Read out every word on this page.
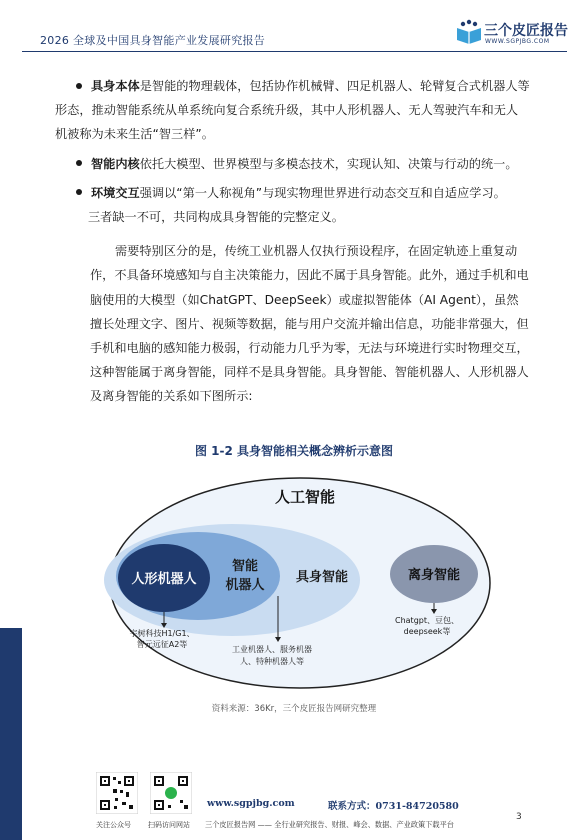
2026 全球及中国具身智能产业发展研究报告
三个皮匠报告
WWW.SGPJBG.COM

具身本体是智能的物理载体，包括协作机械臂、四足机器人、轮臂复合式机器人等形态，推动智能系统从单系统向复合系统升级，其中人形机器人、无人驾驶汽车和无人机被称为未来生活“智三样”。

智能内核依托大模型、世界模型与多模态技术，实现认知、决策与行动的统一。

环境交互强调以“第一人称视角”与现实物理世界进行动态交互和自适应学习。

三者缺一不可，共同构成具身智能的完整定义。

需要特别区分的是，传统工业机器人仅执行预设程序，在固定轨迹上重复动作，不具备环境感知与自主决策能力，因此不属于具身智能。此外，通过手机和电脑使用的大模型（如ChatGPT、DeepSeek）或虚拟智能体（AI Agent），虽然擅长处理文字、图片、视频等数据，能与用户交流并输出信息，功能非常强大，但手机和电脑的感知能力极弱，行动能力几乎为零，无法与环境进行实时物理交互，这种智能属于离身智能，同样不是具身智能。具身智能、智能机器人、人形机器人及离身智能的关系如下图所示:

图 1-2 具身智能相关概念辨析示意图
人工智能
具身智能
智能
机器人
人形机器人	离身智能
宇树科技H1/G1、
智元远征A2等
工业机器人、服务机器
人、特种机器人等
Chatgpt、豆包、
deepseek等
资料来源：36Kr，三个皮匠报告网研究整理
关注公众号 扫码访问网站
www.sgpjbg.com	联系方式：0731-84720580
三个皮匠报告网 —— 全行业研究报告、财报、峰会、数据、产业政策下载平台
3
